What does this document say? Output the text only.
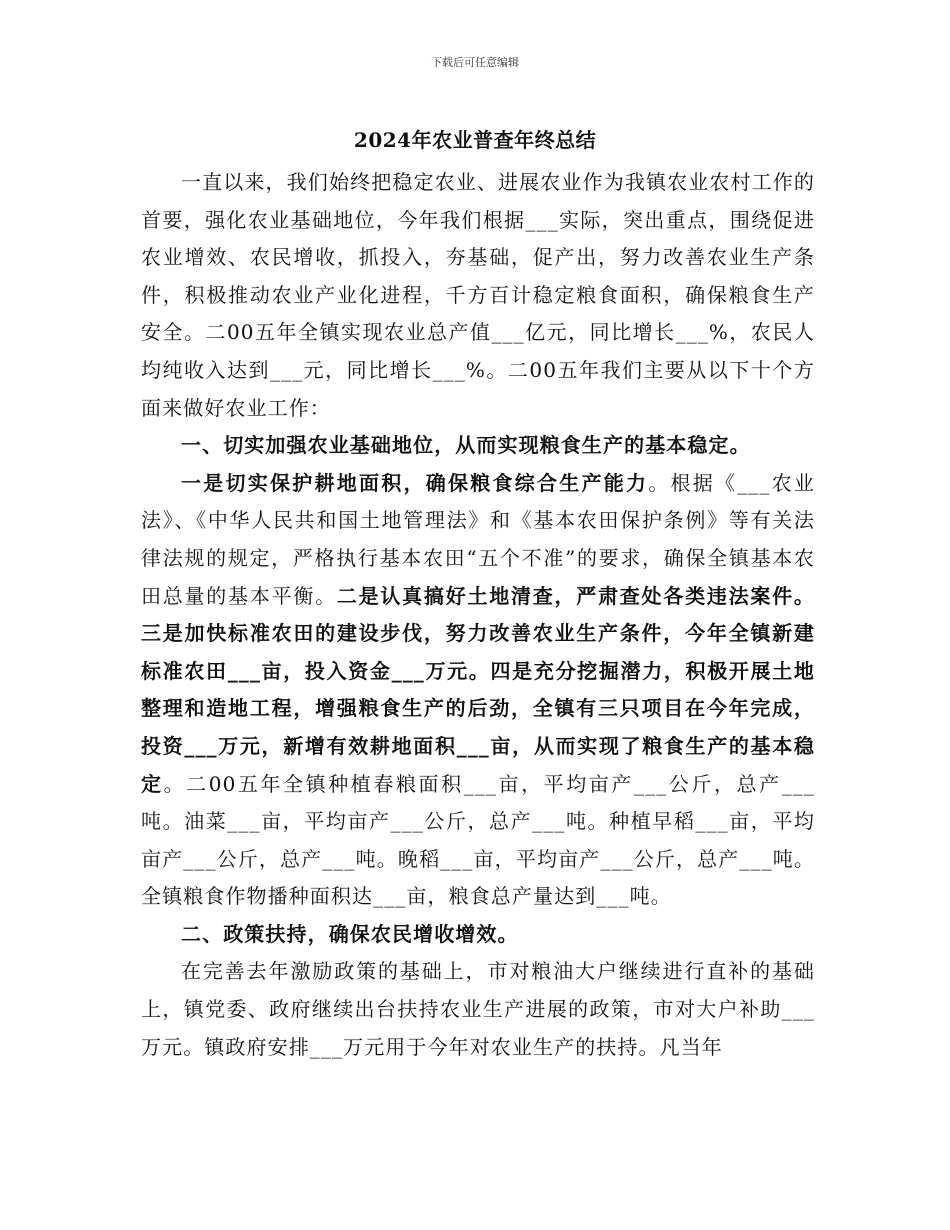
下载后可任意编辑
2024年农业普查年终总结

一直以来，我们始终把稳定农业、进展农业作为我镇农业农村工作的首要，强化农业基础地位，今年我们根据___实际，突出重点，围绕促进农业增效、农民增收，抓投入，夯基础，促产出，努力改善农业生产条件，积极推动农业产业化进程，千方百计稳定粮食面积，确保粮食生产安全。二00五年全镇实现农业总产值___亿元，同比增长___%，农民人均纯收入达到___元，同比增长___%。二00五年我们主要从以下十个方面来做好农业工作：

一、切实加强农业基础地位，从而实现粮食生产的基本稳定。

一是切实保护耕地面积，确保粮食综合生产能力。根据《___农业法》、《中华人民共和国土地管理法》和《基本农田保护条例》等有关法律法规的规定，严格执行基本农田“五个不准”的要求，确保全镇基本农田总量的基本平衡。二是认真搞好土地清查，严肃查处各类违法案件。三是加快标准农田的建设步伐，努力改善农业生产条件，今年全镇新建标准农田___亩，投入资金___万元。四是充分挖掘潜力，积极开展土地整理和造地工程，增强粮食生产的后劲，全镇有三只项目在今年完成，投资___万元，新增有效耕地面积___亩，从而实现了粮食生产的基本稳定。二00五年全镇种植春粮面积___亩，平均亩产___公斤，总产___吨。油菜___亩，平均亩产___公斤，总产___吨。种植早稻___亩，平均亩产___公斤，总产___吨。晚稻___亩，平均亩产___公斤，总产___吨。全镇粮食作物播种面积达___亩，粮食总产量达到___吨。

二、政策扶持，确保农民增收增效。

在完善去年激励政策的基础上，市对粮油大户继续进行直补的基础上，镇党委、政府继续出台扶持农业生产进展的政策，市对大户补助___万元。镇政府安排___万元用于今年对农业生产的扶持。凡当年
